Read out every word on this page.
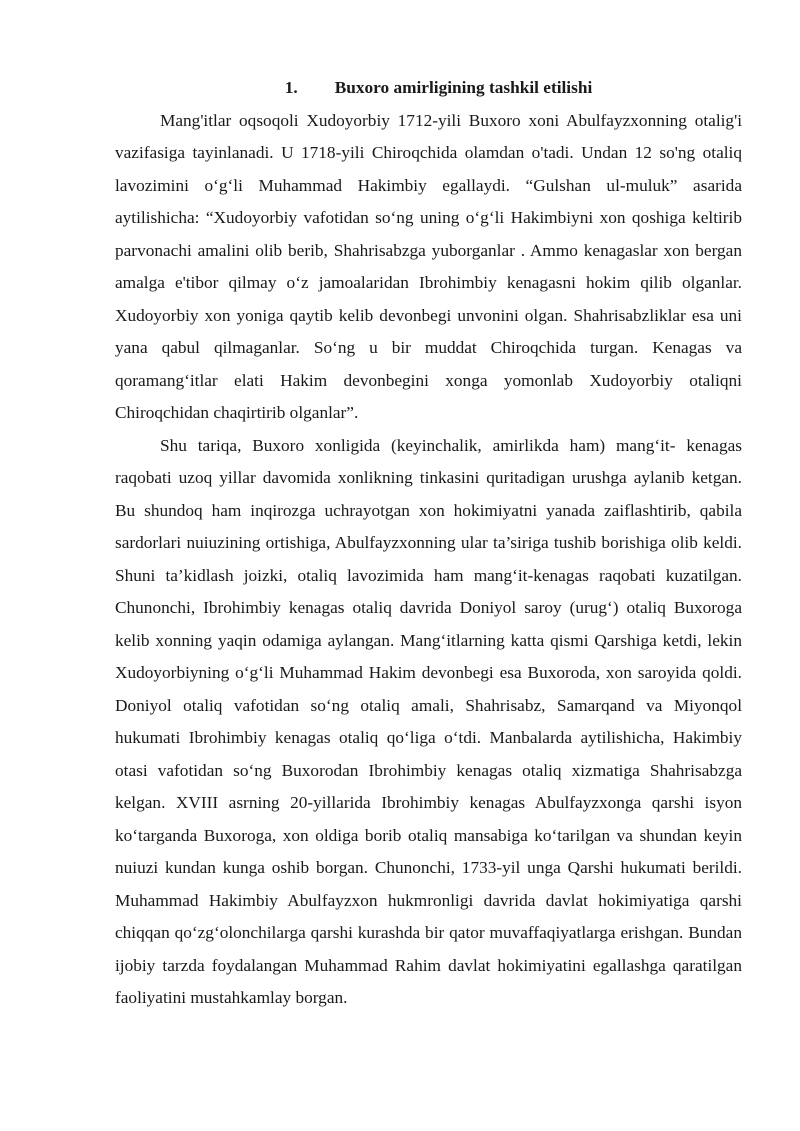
1. Buxoro amirligining tashkil etilishi

Mang'itlar oqsoqoli Xudoyorbiy 1712-yili Buxoro xoni Abulfayzxonning otalig'i vazifasiga tayinlanadi. U 1718-yili Chiroqchida olamdan o'tadi. Undan 12 so'ng otaliq lavozimini o‘g‘li Muhammad Hakimbiy egallaydi. “Gulshan ul-muluk” asarida aytilishicha: “Xudoyorbiy vafotidan so‘ng uning o‘g‘li Hakimbiyni xon qoshiga keltirib parvonachi amalini olib berib, Shahrisabzga yuborganlar . Ammo kenagaslar xon bergan amalga e'tibor qilmay o‘z jamoalaridan Ibrohimbiy kenagasni hokim qilib olganlar. Xudoyorbiy xon yoniga qaytib kelib devonbegi unvonini olgan. Shahrisabzliklar esa uni yana qabul qilmaganlar. So‘ng u bir muddat Chiroqchida turgan. Kenagas va qoramang‘itlar elati Hakim devonbegini xonga yomonlab Xudoyorbiy otaliqni Chiroqchidan chaqirtirib olganlar”.

Shu tariqa, Buxoro xonligida (keyinchalik, amirlikda ham) mang‘it- kenagas raqobati uzoq yillar davomida xonlikning tinkasini quritadigan urushga aylanib ketgan. Bu shundoq ham inqirozga uchrayotgan xon hokimiyatni yanada zaiflashtirib, qabila sardorlari nuiuzining ortishiga, Abulfayzxonning ular ta’siriga tushib borishiga olib keldi. Shuni ta’kidlash joizki, otaliq lavozimida ham mang‘it-kenagas raqobati kuzatilgan. Chunonchi, Ibrohimbiy kenagas otaliq davrida Doniyol saroy (urug‘) otaliq Buxoroga kelib xonning yaqin odamiga aylangan. Mang‘itlarning katta qismi Qarshiga ketdi, lekin Xudoyorbiyning o‘g‘li Muhammad Hakim devonbegi esa Buxoroda, xon saroyida qoldi. Doniyol otaliq vafotidan so‘ng otaliq amali, Shahrisabz, Samarqand va Miyonqol hukumati Ibrohimbiy kenagas otaliq qo‘liga o‘tdi. Manbalarda aytilishicha, Hakimbiy otasi vafotidan so‘ng Buxorodan Ibrohimbiy kenagas otaliq xizmatiga Shahrisabzga kelgan. XVIII asrning 20-yillarida Ibrohimbiy kenagas Abulfayzxonga qarshi isyon ko‘targanda Buxoroga, xon oldiga borib otaliq mansabiga ko‘tarilgan va shundan keyin nuiuzi kundan kunga oshib borgan. Chunonchi, 1733-yil unga Qarshi hukumati berildi. Muhammad Hakimbiy Abulfayzxon hukmronligi davrida davlat hokimiyatiga qarshi chiqqan qo‘zg‘olonchilarga qarshi kurashda bir qator muvaffaqiyatlarga erishgan. Bundan ijobiy tarzda foydalangan Muhammad Rahim davlat hokimiyatini egallashga qaratilgan faoliyatini mustahkamlay borgan.
